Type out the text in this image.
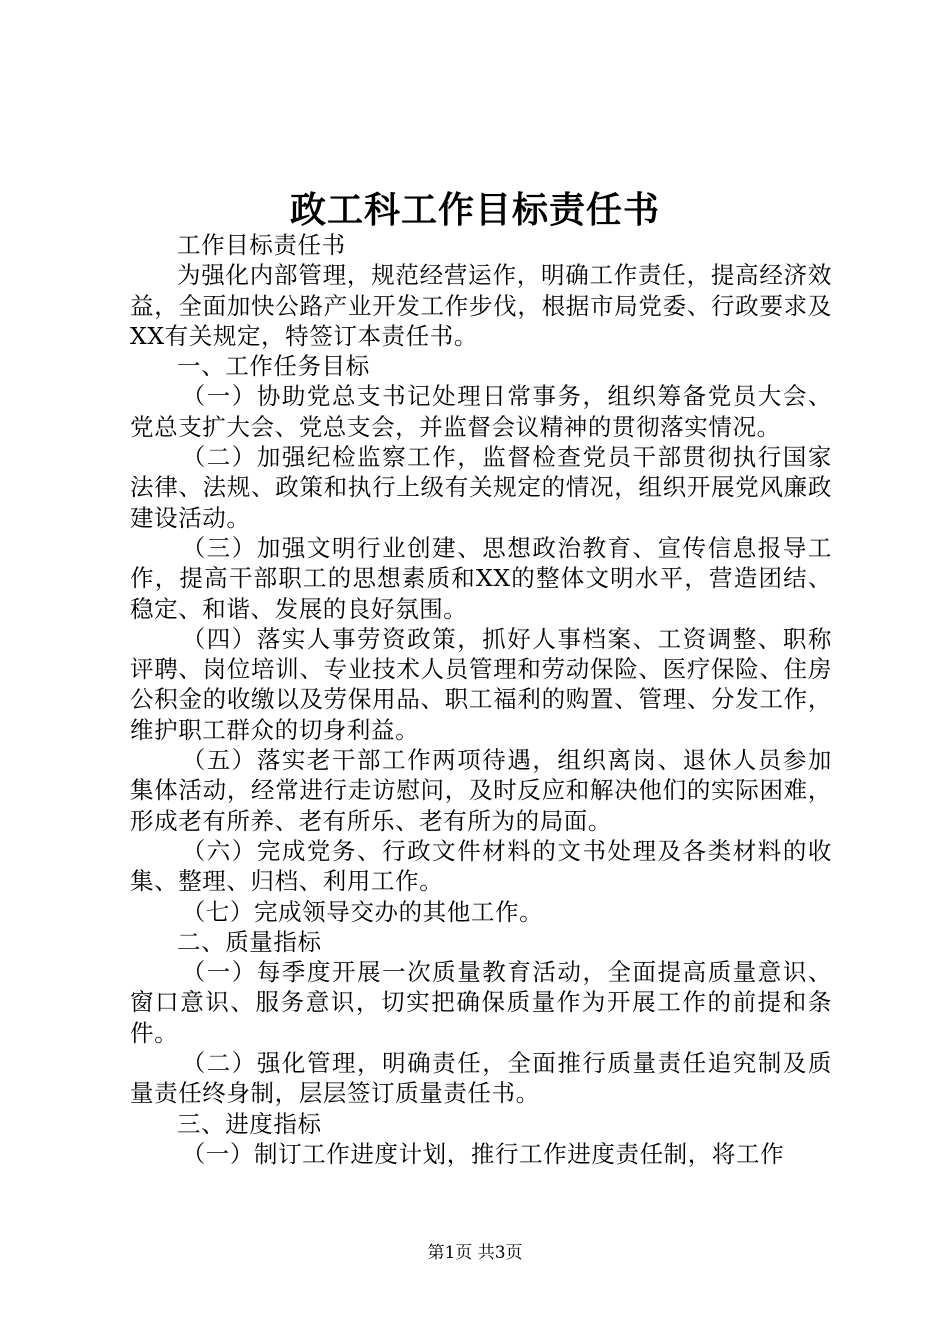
政工科工作目标责任书

工作目标责任书

为强化内部管理，规范经营运作，明确工作责任，提高经济效益，全面加快公路产业开发工作步伐，根据市局党委、行政要求及XX有关规定，特签订本责任书。

一、工作任务目标

（一）协助党总支书记处理日常事务，组织筹备党员大会、党总支扩大会、党总支会，并监督会议精神的贯彻落实情况。

（二）加强纪检监察工作，监督检查党员干部贯彻执行国家法律、法规、政策和执行上级有关规定的情况，组织开展党风廉政建设活动。

（三）加强文明行业创建、思想政治教育、宣传信息报导工作，提高干部职工的思想素质和XX的整体文明水平，营造团结、稳定、和谐、发展的良好氛围。

（四）落实人事劳资政策，抓好人事档案、工资调整、职称评聘、岗位培训、专业技术人员管理和劳动保险、医疗保险、住房公积金的收缴以及劳保用品、职工福利的购置、管理、分发工作，维护职工群众的切身利益。

（五）落实老干部工作两项待遇，组织离岗、退休人员参加集体活动，经常进行走访慰问，及时反应和解决他们的实际困难，形成老有所养、老有所乐、老有所为的局面。

（六）完成党务、行政文件材料的文书处理及各类材料的收集、整理、归档、利用工作。

（七）完成领导交办的其他工作。

二、质量指标

（一）每季度开展一次质量教育活动，全面提高质量意识、窗口意识、服务意识，切实把确保质量作为开展工作的前提和条件。

（二）强化管理，明确责任，全面推行质量责任追究制及质量责任终身制，层层签订质量责任书。

三、进度指标

（一）制订工作进度计划，推行工作进度责任制，将工作

第1页 共3页
